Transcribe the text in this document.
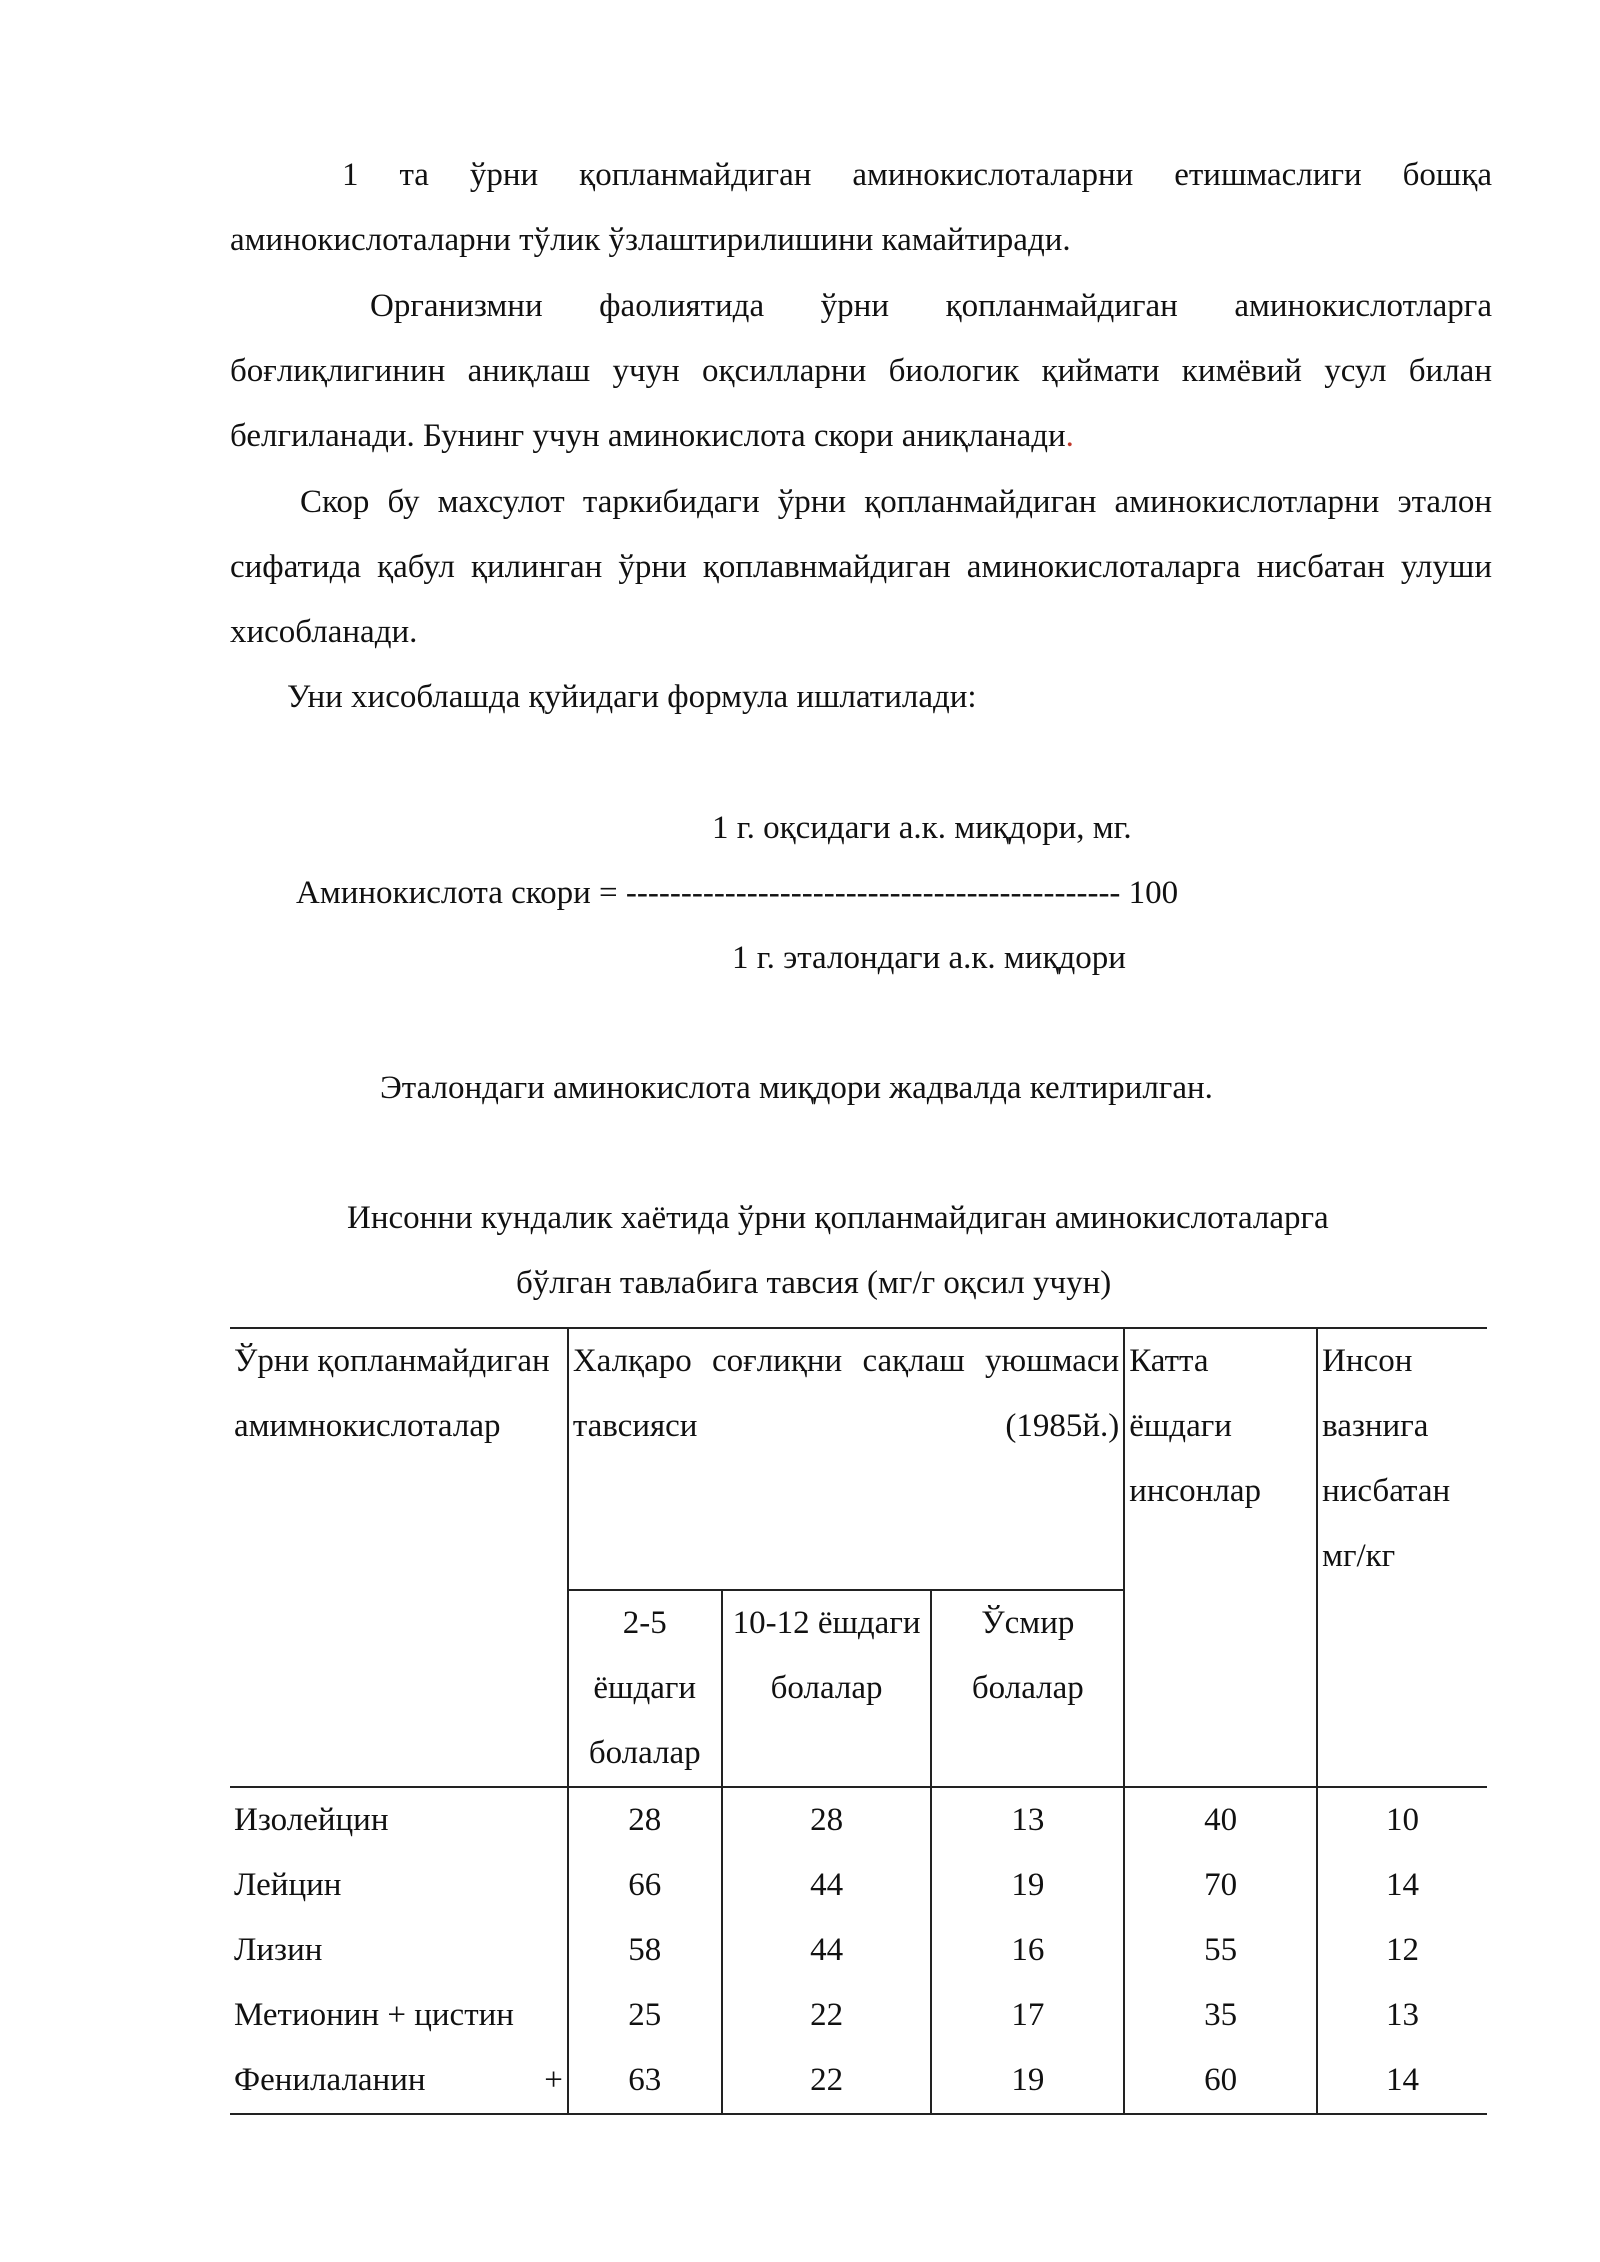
1 та ўрни қопланмайдиган аминокислоталарни етишмаслиги бошқа аминокислоталарни тўлик ўзлаштирилишини камайтиради.

Организмни фаолиятида ўрни қопланмайдиган аминокислотларга боғлиқлигинин аниқлаш учун оқсилларни биологик қиймати кимёвий усул билан белгиланади. Бунинг учун аминокислота скори аниқланади.

Скор бу махсулот таркибидаги ўрни қопланмайдиган аминокислотларни эталон сифатида қабул қилинган ўрни қоплавнмайдиган аминокислоталарга нисбатан улуши хисобланади.

Уни хисоблашда қуйидаги формула ишлатилади:

1 г. оқсидаги а.к. миқдори, мг.
Аминокислота скори = --------------------------------------------- 100
1 г. эталондаги а.к. миқдори
Эталондаги аминокислота миқдори жадвалда келтирилган.
Инсонни кундалик хаётида ўрни қопланмайдиган аминокислоталарга
бўлган тавлабига тавсия (мг/г оқсил учун)
Ўрни қопланмайдиган амимнокислоталар	Халқаро соғлиқни сақлаш уюшмаси тавсияси (1985й.)			Катта ёшдаги инсонлар	Инсон вазнига нисбатан мг/кг
	2-5 ёшдаги болалар	10-12 ёшдаги болалар	Ўсмир болалар		

Изолейцин	28	28	13	40	10
Лейцин	66	44	19	70	14
Лизин	58	44	16	55	12
Метионин + цистин	25	22	17	35	13

Фенилаланин +	63	22	19	60	14
